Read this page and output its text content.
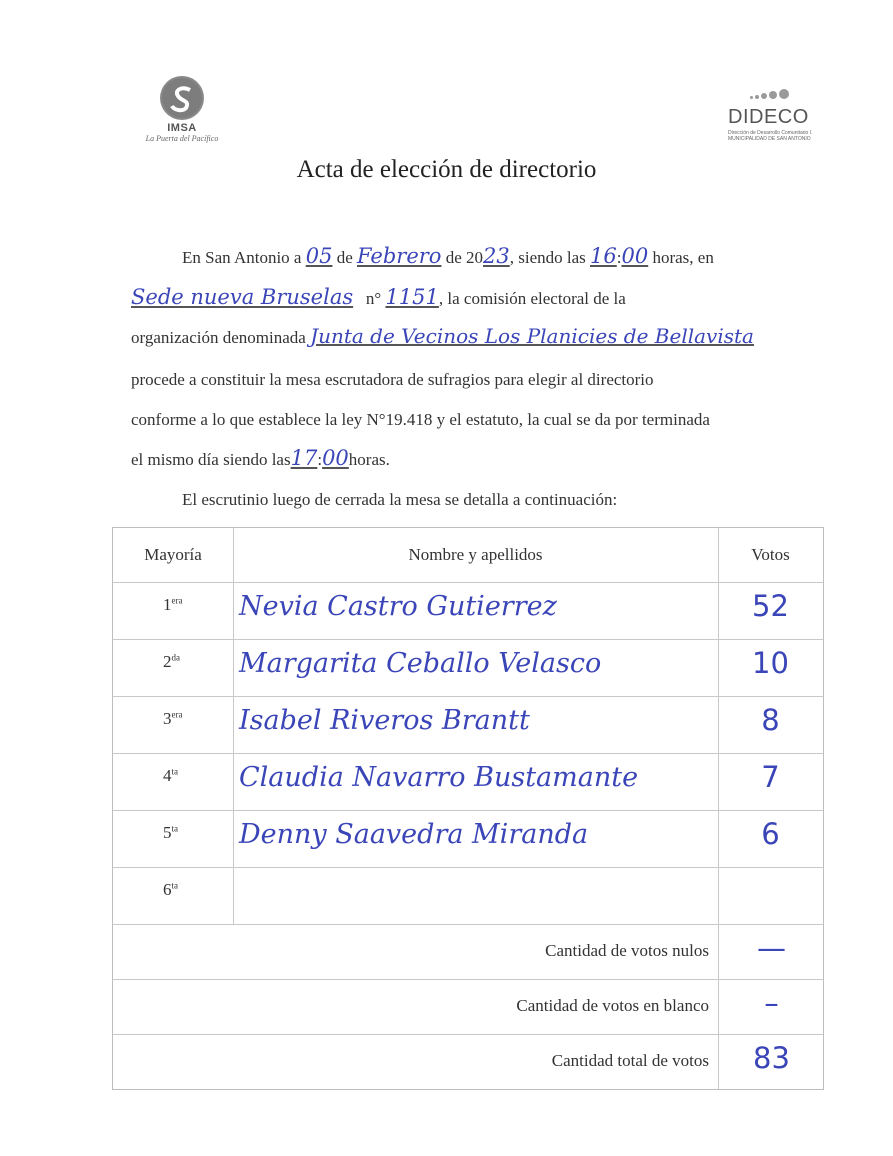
IMSA
La Puerta del Pacífico
DIDECO
Dirección de Desarrollo Comunitario I. MUNICIPALIDAD DE SAN ANTONIO
Acta de elección de directorio
En San Antonio a 05 de Febrero de 2023, siendo las 16:00 horas, en
Sede nueva Bruselas n° 1151, la comisión electoral de la
organización denominada Junta de Vecinos Los Planicies de Bellavista
procede a constituir la mesa escrutadora de sufragios para elegir al directorio
conforme a lo que establece la ley N°19.418 y el estatuto, la cual se da por terminada
el mismo día siendo las17:00horas.
El escrutinio luego de cerrada la mesa se detalla a continuación:
Mayoría	Nombre y apellidos	Votos
$1^{era}$ Nevia Castro Gutierrez	52
$2^{da}$ Margarita Ceballo Velasco	10
$3^{era}$ Isabel Riveros Brantt	8
$4^{ta}$ Claudia Navarro Bustamante	7
$5^{ta}$ Denny Saavedra Miranda	6
$6^{ta}$
Cantidad de votos nulos	—
Cantidad de votos en blanco	–
Cantidad total de votos	83
